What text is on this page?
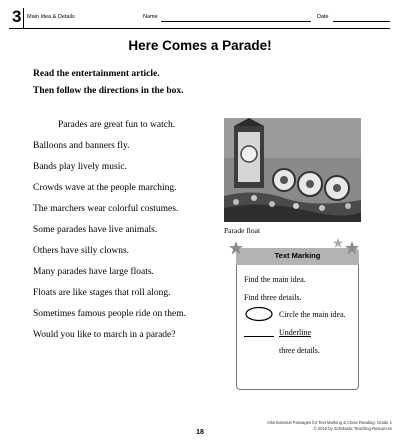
3 Main Idea & Details	Name	Date
Here Comes a Parade!
Read the entertainment article.
Then follow the directions in the box.
Parades are great fun to watch.
Balloons and banners fly.
Bands play lively music.
Crowds wave at the people marching.
The marchers wear colorful costumes.
Some parades have live animals.
Others have silly clowns.
Many parades have large floats.
Floats are like stages that roll along.
Sometimes famous people ride on them.
Would you like to march in a parade?
Parade float
Text Marking
Find the main idea.
Find three details.
Circle the main idea.
Underline
three details.
Informational Passages for Text Marking & Close Reading: Grade 1
© 2015 by Scholastic Teaching Resources
18
